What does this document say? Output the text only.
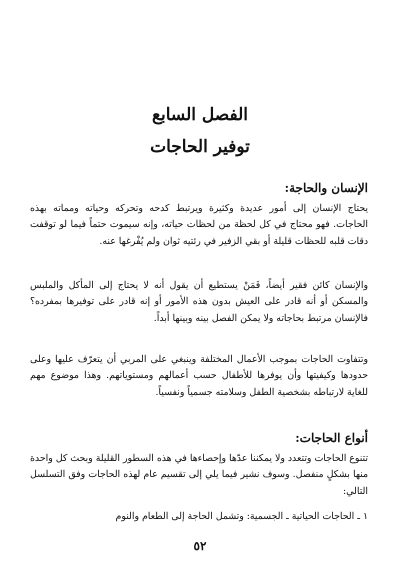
الفصل السابع

توفير الحاجات

الإنسان والحاجة:

يحتاج الإنسان إلى أمور عديدة وكثيرة ويرتبط كدحه وتحركه وحياته ومماته بهذه الحاجات. فهو محتاج في كل لحظة من لحظات حياته، وإنه سيموت حتماً فيما لو توقفت دقات قلبه للحظات قليلة أو بقي الزفير في رئتيه ثوان ولم يُفْرغها عنه.

والإنسان كائن فقير أيضاً، فَمَنْ يستطيع أن يقول أنه لا يحتاج إلى المأكل والملبس والمسكن أو أنه قادر على العيش بدون هذه الأمور أو إنه قادر على توفيرها بمفرده؟ فالإنسان مرتبط بحاجاته ولا يمكن الفصل بينه وبينها أبداً.

وتتفاوت الحاجات بموجب الأعمال المختلفة وينبغي على المربي أن يتعرّف عليها وعلى حدودها وكيفيتها وأن يوفرها للأطفال حسب أعمالهم ومستوياتهم. وهذا موضوع مهم للغاية لارتباطه بشخصية الطفل وسلامته جسمياً ونفسياً.

أنواع الحاجات:

تتنوع الحاجات وتتعدد ولا يمكننا عدّها وإحصاءها في هذه السطور القليلة وبحث كل واحدة منها بشكلٍ منفصل. وسوف نشير فيما يلي إلى تقسيم عام لهذه الحاجات وفق التسلسل التالي:

١ ـ الحاجات الحياتية ـ الجسمية: وتشمل الحاجة إلى الطعام والنوم

٥٢
